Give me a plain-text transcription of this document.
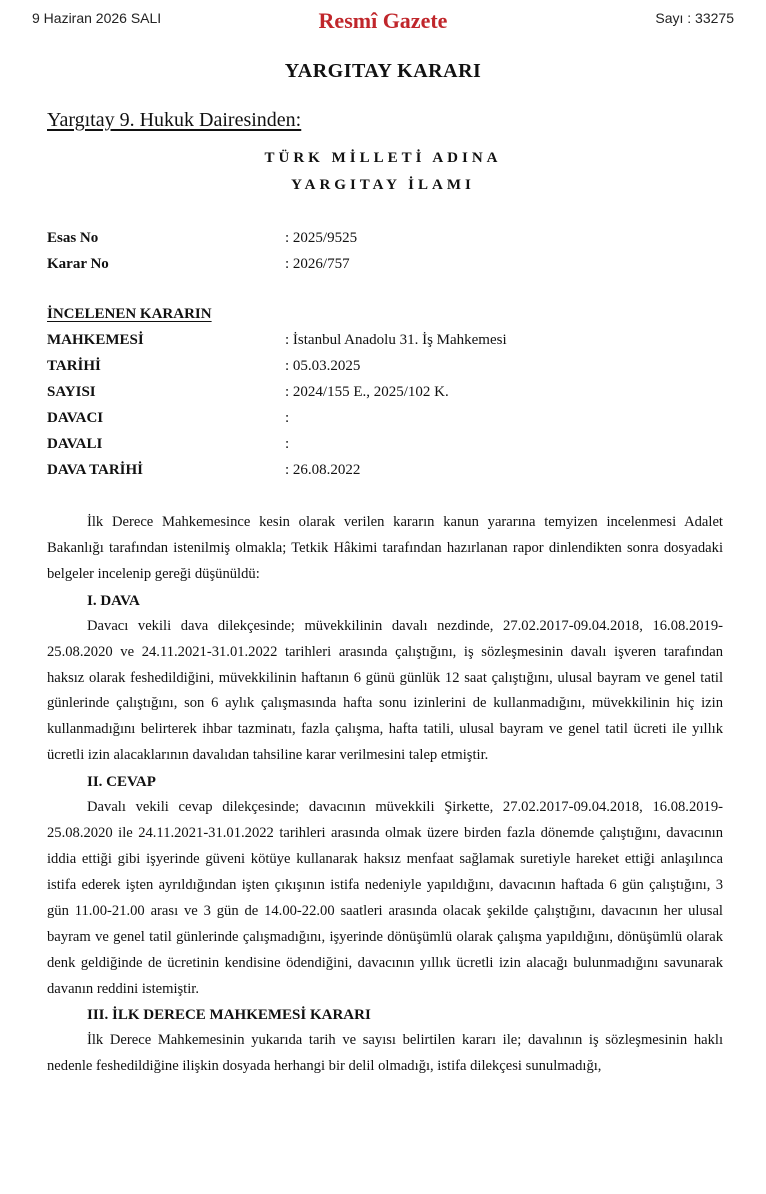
9 Haziran 2026 SALI	Resmî Gazete	Sayı : 33275
YARGITAY KARARI
Yargıtay 9. Hukuk Dairesinden:
TÜRK MİLLETİ ADINA
YARGITAY İLAMI
Esas No	: 2025/9525
Karar No	: 2026/757
İNCELENEN KARARIN
MAHKEMESİ	: İstanbul Anadolu 31. İş Mahkemesi
TARİHİ	: 05.03.2025
SAYISI	: 2024/155 E., 2025/102 K.
DAVACI	:
DAVALI	:
DAVA TARİHİ	: 26.08.2022

İlk Derece Mahkemesince kesin olarak verilen kararın kanun yararına temyizen incelenmesi Adalet Bakanlığı tarafından istenilmiş olmakla; Tetkik Hâkimi tarafından hazırlanan rapor dinlendikten sonra dosyadaki belgeler incelenip gereği düşünüldü:

I. DAVA

Davacı vekili dava dilekçesinde; müvekkilinin davalı nezdinde, 27.02.2017-09.04.2018, 16.08.2019-25.08.2020 ve 24.11.2021-31.01.2022 tarihleri arasında çalıştığını, iş sözleşmesinin davalı işveren tarafından haksız olarak feshedildiğini, müvekkilinin haftanın 6 günü günlük 12 saat çalıştığını, ulusal bayram ve genel tatil günlerinde çalıştığını, son 6 aylık çalışmasında hafta sonu izinlerini de kullanmadığını, müvekkilinin hiç izin kullanmadığını belirterek ihbar tazminatı, fazla çalışma, hafta tatili, ulusal bayram ve genel tatil ücreti ile yıllık ücretli izin alacaklarının davalıdan tahsiline karar verilmesini talep etmiştir.

II. CEVAP

Davalı vekili cevap dilekçesinde; davacının müvekkili Şirkette, 27.02.2017-09.04.2018, 16.08.2019-25.08.2020 ile 24.11.2021-31.01.2022 tarihleri arasında olmak üzere birden fazla dönemde çalıştığını, davacının iddia ettiği gibi işyerinde güveni kötüye kullanarak haksız menfaat sağlamak suretiyle hareket ettiği anlaşılınca istifa ederek işten ayrıldığından işten çıkışının istifa nedeniyle yapıldığını, davacının haftada 6 gün çalıştığını, 3 gün 11.00-21.00 arası ve 3 gün de 14.00-22.00 saatleri arasında olacak şekilde çalıştığını, davacının her ulusal bayram ve genel tatil günlerinde çalışmadığını, işyerinde dönüşümlü olarak çalışma yapıldığını, dönüşümlü olarak denk geldiğinde de ücretinin kendisine ödendiğini, davacının yıllık ücretli izin alacağı bulunmadığını savunarak davanın reddini istemiştir.

III. İLK DERECE MAHKEMESİ KARARI

İlk Derece Mahkemesinin yukarıda tarih ve sayısı belirtilen kararı ile; davalının iş sözleşmesinin haklı nedenle feshedildiğine ilişkin dosyada herhangi bir delil olmadığı, istifa dilekçesi sunulmadığı,
